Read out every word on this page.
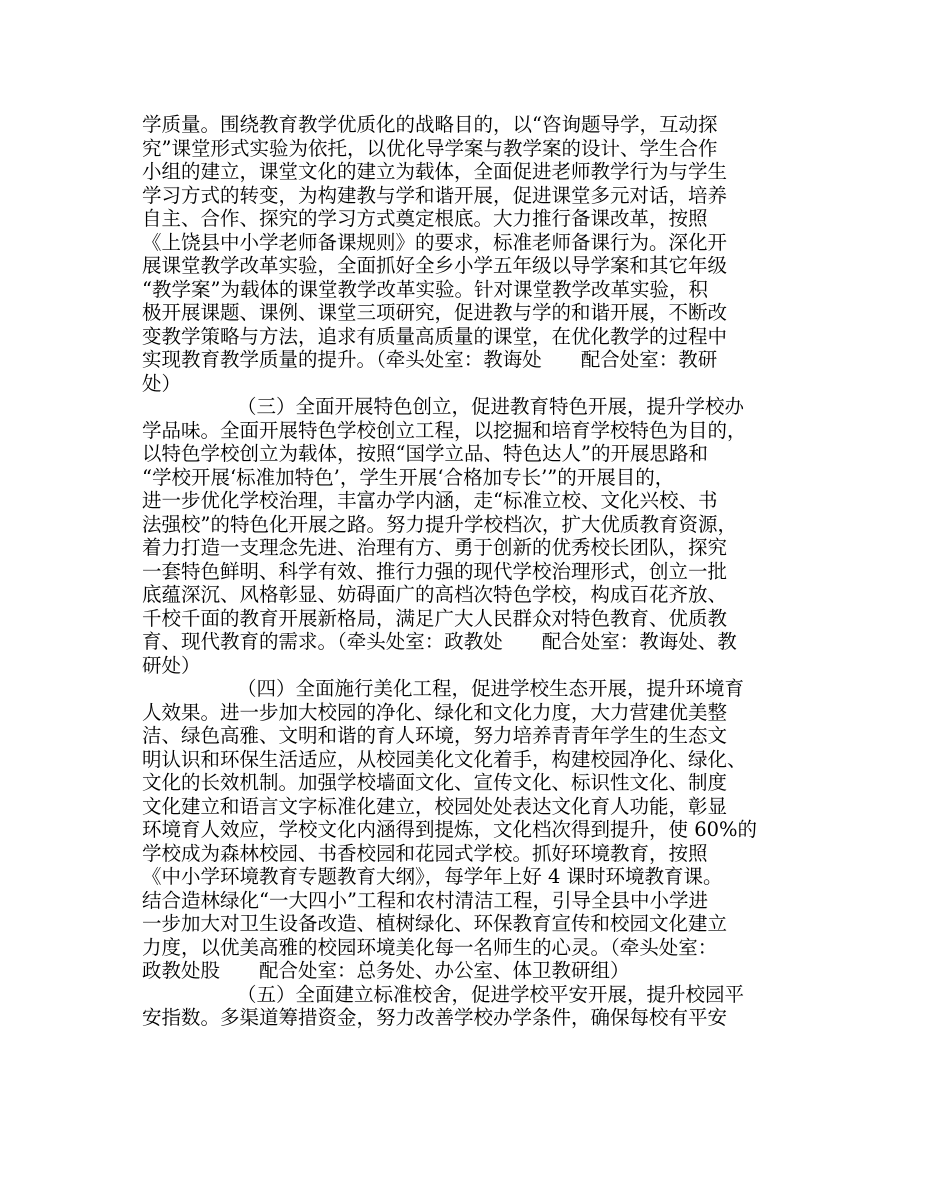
学质量。围绕教育教学优质化的战略目的，以“咨询题导学，互动探
究”课堂形式实验为依托，以优化导学案与教学案的设计、学生合作
小组的建立，课堂文化的建立为载体，全面促进老师教学行为与学生
学习方式的转变，为构建教与学和谐开展，促进课堂多元对话，培养
自主、合作、探究的学习方式奠定根底。大力推行备课改革，按照
《上饶县中小学老师备课规则》的要求，标准老师备课行为。深化开
展课堂教学改革实验，全面抓好全乡小学五年级以导学案和其它年级
“教学案”为载体的课堂教学改革实验。针对课堂教学改革实验，积
极开展课题、课例、课堂三项研究，促进教与学的和谐开展，不断改
变教学策略与方法，追求有质量高质量的课堂，在优化教学的过程中
实现教育教学质量的提升。（牵头处室：教诲处　　配合处室：教研
处）
（三）全面开展特色创立，促进教育特色开展，提升学校办
学品味。全面开展特色学校创立工程，以挖掘和培育学校特色为目的，
以特色学校创立为载体，按照“国学立品、特色达人”的开展思路和
“学校开展‘标准加特色’，学生开展‘合格加专长’”的开展目的，
进一步优化学校治理，丰富办学内涵，走“标准立校、文化兴校、书
法强校”的特色化开展之路。努力提升学校档次，扩大优质教育资源，
着力打造一支理念先进、治理有方、勇于创新的优秀校长团队，探究
一套特色鲜明、科学有效、推行力强的现代学校治理形式，创立一批
底蕴深沉、风格彰显、妨碍面广的高档次特色学校，构成百花齐放、
千校千面的教育开展新格局，满足广大人民群众对特色教育、优质教
育、现代教育的需求。（牵头处室：政教处　　配合处室：教诲处、教
研处）
（四）全面施行美化工程，促进学校生态开展，提升环境育
人效果。进一步加大校园的净化、绿化和文化力度，大力营建优美整
洁、绿色高雅、文明和谐的育人环境，努力培养青青年学生的生态文
明认识和环保生活适应，从校园美化文化着手，构建校园净化、绿化、
文化的长效机制。加强学校墙面文化、宣传文化、标识性文化、制度
文化建立和语言文字标准化建立，校园处处表达文化育人功能，彰显
环境育人效应，学校文化内涵得到提炼，文化档次得到提升，使 60%的
学校成为森林校园、书香校园和花园式学校。抓好环境教育，按照
《中小学环境教育专题教育大纲》，每学年上好 4 课时环境教育课。
结合造林绿化“一大四小”工程和农村清洁工程，引导全县中小学进
一步加大对卫生设备改造、植树绿化、环保教育宣传和校园文化建立
力度，以优美高雅的校园环境美化每一名师生的心灵。（牵头处室：
政教处股　　配合处室：总务处、办公室、体卫教研组）
（五）全面建立标准校舍，促进学校平安开展，提升校园平
安指数。多渠道筹措资金，努力改善学校办学条件，确保每校有平安
